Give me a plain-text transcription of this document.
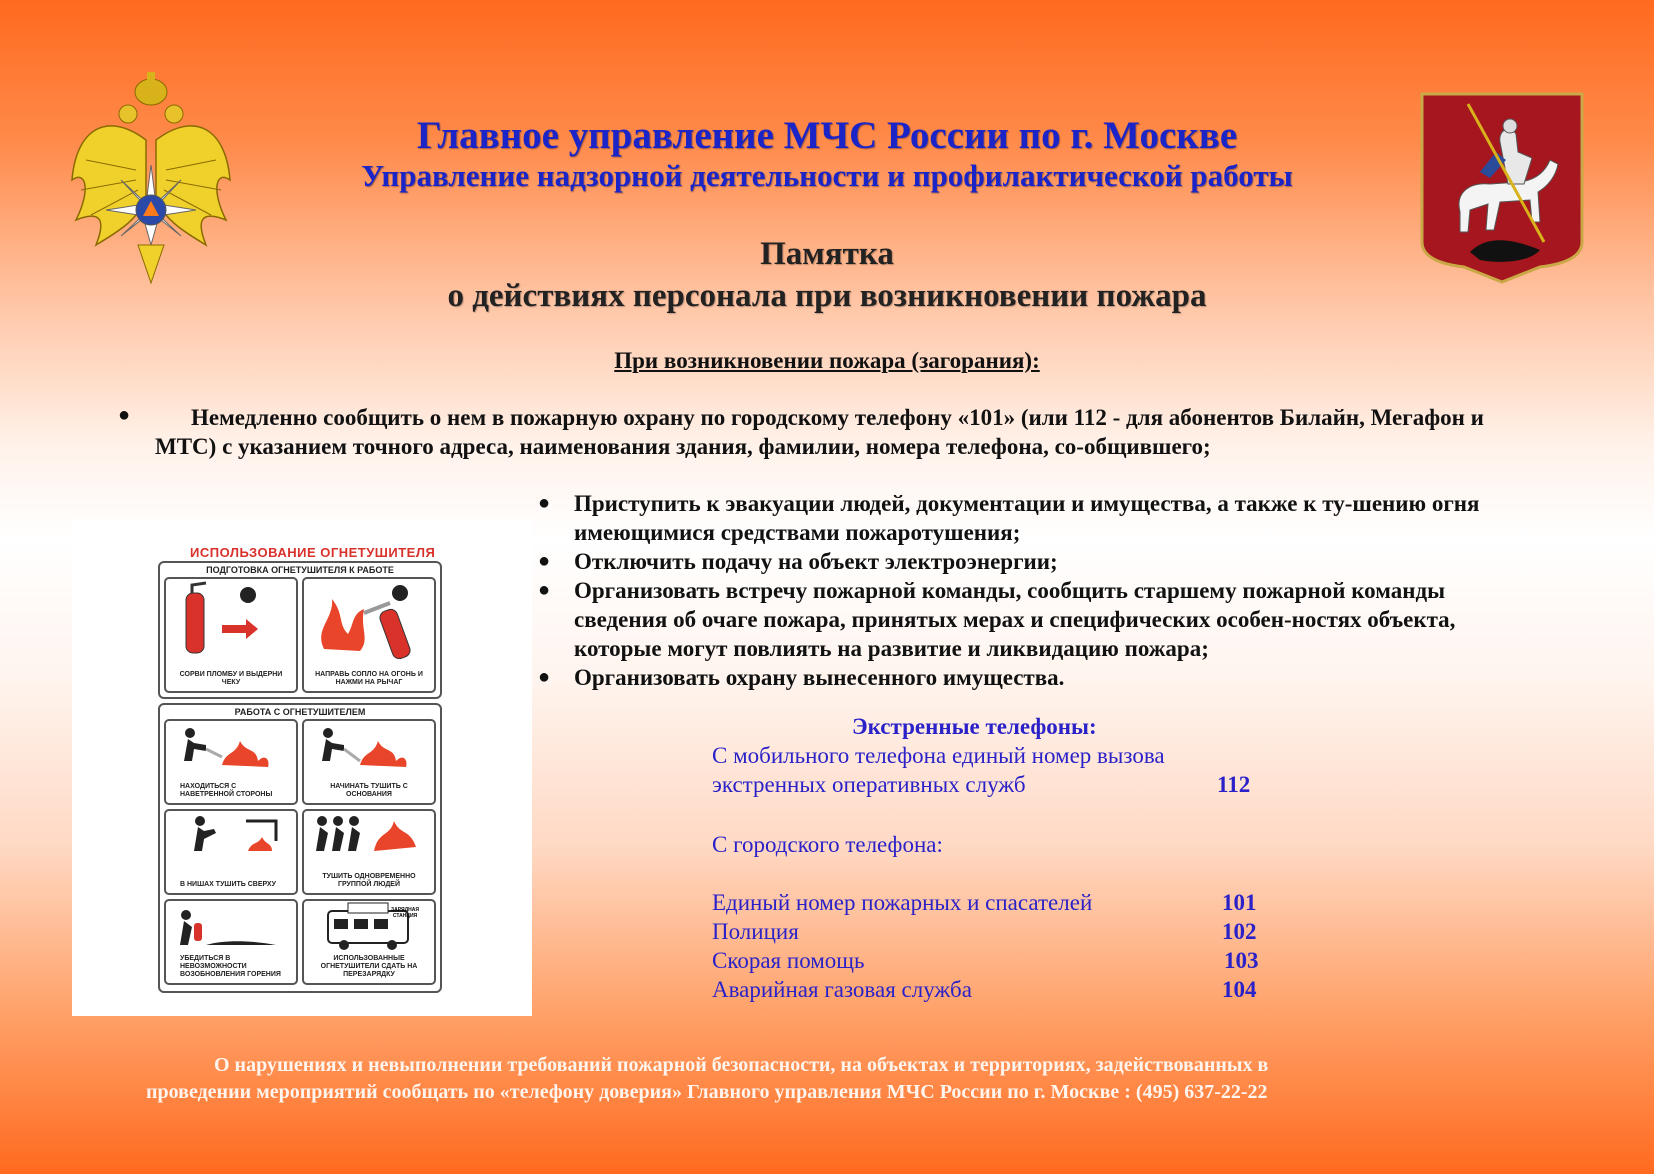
Главное управление МЧС России по г. Москве
Управление надзорной деятельности и профилактической работы
Памятка
о действиях персонала при возникновении пожара
При возникновении пожара (загорания):
●	Немедленно сообщить о нем в пожарную охрану по городскому телефону «101» (или 112 - для абонентов Билайн, Мегафон и МТС) с указанием точного адреса, наименования здания, фамилии, номера телефона, со-общившего;
● Приступить к эвакуации людей, документации и имущества, а также к ту-шению огня имеющимися средствами пожаротушения;
● Отключить подачу на объект электроэнергии;
● Организовать встречу пожарной команды, сообщить старшему пожарной команды сведения об очаге пожара, принятых мерах и специфических особен-ностях объекта, которые могут повлиять на развитие и ликвидацию пожара;
● Организовать охрану вынесенного имущества.
Экстренные телефоны:
С мобильного телефона единый номер вызова
экстренных оперативных служб	112
С городского телефона:
Единый номер пожарных и спасателей	101
Полиция	102
Скорая помощь	103
Аварийная газовая служба	104
ИСПОЛЬЗОВАНИЕ ОГНЕТУШИТЕЛЯ
ПОДГОТОВКА ОГНЕТУШИТЕЛЯ К РАБОТЕ
СОРВИ ПЛОМБУ И ВЫДЕРНИ ЧЕКУ
НАПРАВЬ СОПЛО НА ОГОНЬ И НАЖМИ НА РЫЧАГ
РАБОТА С ОГНЕТУШИТЕЛЕМ
НАХОДИТЬСЯ С НАВЕТРЕННОЙ СТОРОНЫ
НАЧИНАТЬ ТУШИТЬ С ОСНОВАНИЯ
В НИШАХ ТУШИТЬ СВЕРХУ
ТУШИТЬ ОДНОВРЕМЕННО ГРУППОЙ ЛЮДЕЙ
УБЕДИТЬСЯ В НЕВОЗМОЖНОСТИ ВОЗОБНОВЛЕНИЯ ГОРЕНИЯ
ИСПОЛЬЗОВАННЫЕ ОГНЕТУШИТЕЛИ СДАТЬ НА ПЕРЕЗАРЯДКУ
ЗАРЯДНАЯ СТАНЦИЯ
О нарушениях и невыполнении требований пожарной безопасности, на объектах и территориях, задействованных в
проведении мероприятий сообщать по «телефону доверия» Главного управления МЧС России по г. Москве : (495) 637-22-22
